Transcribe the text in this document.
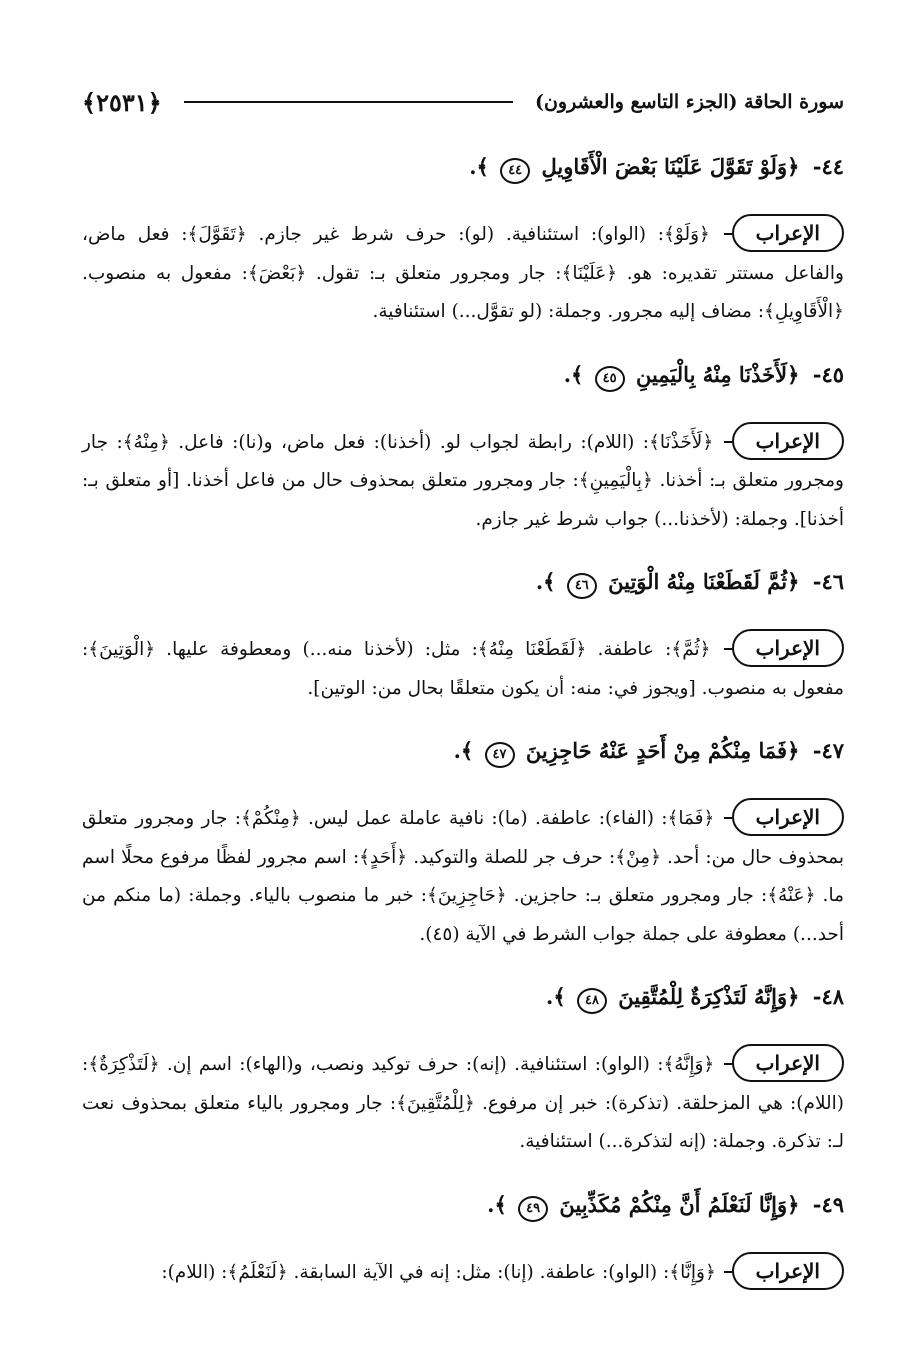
سورة الحاقة (الجزء التاسع والعشرون)
﴿٢٥٣١﴾
٤٤- ﴿وَلَوْ تَقَوَّلَ عَلَيْنَا بَعْضَ الْأَقَاوِيلِ ٤٤ ﴾.
الإعراب ﴿وَلَوْ﴾: (الواو): استئنافية. (لو): حرف شرط غير جازم. ﴿تَقَوَّلَ﴾: فعل ماض، والفاعل مستتر تقديره: هو. ﴿عَلَيْنَا﴾: جار ومجرور متعلق بـ: تقول. ﴿بَعْضَ﴾: مفعول به منصوب. ﴿الْأَقَاوِيلِ﴾: مضاف إليه مجرور. وجملة: (لو تقوَّل...) استئنافية.
٤٥- ﴿لَأَخَذْنَا مِنْهُ بِالْيَمِينِ ٤٥ ﴾.
الإعراب ﴿لَأَخَذْنَا﴾: (اللام): رابطة لجواب لو. (أخذنا): فعل ماض، و(نا): فاعل. ﴿مِنْهُ﴾: جار ومجرور متعلق بـ: أخذنا. ﴿بِالْيَمِينِ﴾: جار ومجرور متعلق بمحذوف حال من فاعل أخذنا. [أو متعلق بـ: أخذنا]. وجملة: (لأخذنا...) جواب شرط غير جازم.
٤٦- ﴿ثُمَّ لَقَطَعْنَا مِنْهُ الْوَتِينَ ٤٦ ﴾.
الإعراب ﴿ثُمَّ﴾: عاطفة. ﴿لَقَطَعْنَا مِنْهُ﴾: مثل: (لأخذنا منه...) ومعطوفة عليها. ﴿الْوَتِينَ﴾: مفعول به منصوب. [ويجوز في: منه: أن يكون متعلقًا بحال من: الوتين].
٤٧- ﴿فَمَا مِنْكُمْ مِنْ أَحَدٍ عَنْهُ حَاجِزِينَ ٤٧ ﴾.
الإعراب ﴿فَمَا﴾: (الفاء): عاطفة. (ما): نافية عاملة عمل ليس. ﴿مِنْكُمْ﴾: جار ومجرور متعلق بمحذوف حال من: أحد. ﴿مِنْ﴾: حرف جر للصلة والتوكيد. ﴿أَحَدٍ﴾: اسم مجرور لفظًا مرفوع محلًا اسم ما. ﴿عَنْهُ﴾: جار ومجرور متعلق بـ: حاجزين. ﴿حَاجِزِينَ﴾: خبر ما منصوب بالياء. وجملة: (ما منكم من أحد...) معطوفة على جملة جواب الشرط في الآية (٤٥).
٤٨- ﴿وَإِنَّهُ لَتَذْكِرَةٌ لِلْمُتَّقِينَ ٤٨ ﴾.
الإعراب ﴿وَإِنَّهُ﴾: (الواو): استئنافية. (إنه): حرف توكيد ونصب، و(الهاء): اسم إن. ﴿لَتَذْكِرَةٌ﴾: (اللام): هي المزحلقة. (تذكرة): خبر إن مرفوع. ﴿لِلْمُتَّقِينَ﴾: جار ومجرور بالياء متعلق بمحذوف نعت لـ: تذكرة. وجملة: (إنه لتذكرة...) استئنافية.
٤٩- ﴿وَإِنَّا لَنَعْلَمُ أَنَّ مِنْكُمْ مُكَذِّبِينَ ٤٩ ﴾.
الإعراب ﴿وَإِنَّا﴾: (الواو): عاطفة. (إنا): مثل: إنه في الآية السابقة. ﴿لَنَعْلَمُ﴾: (اللام):
